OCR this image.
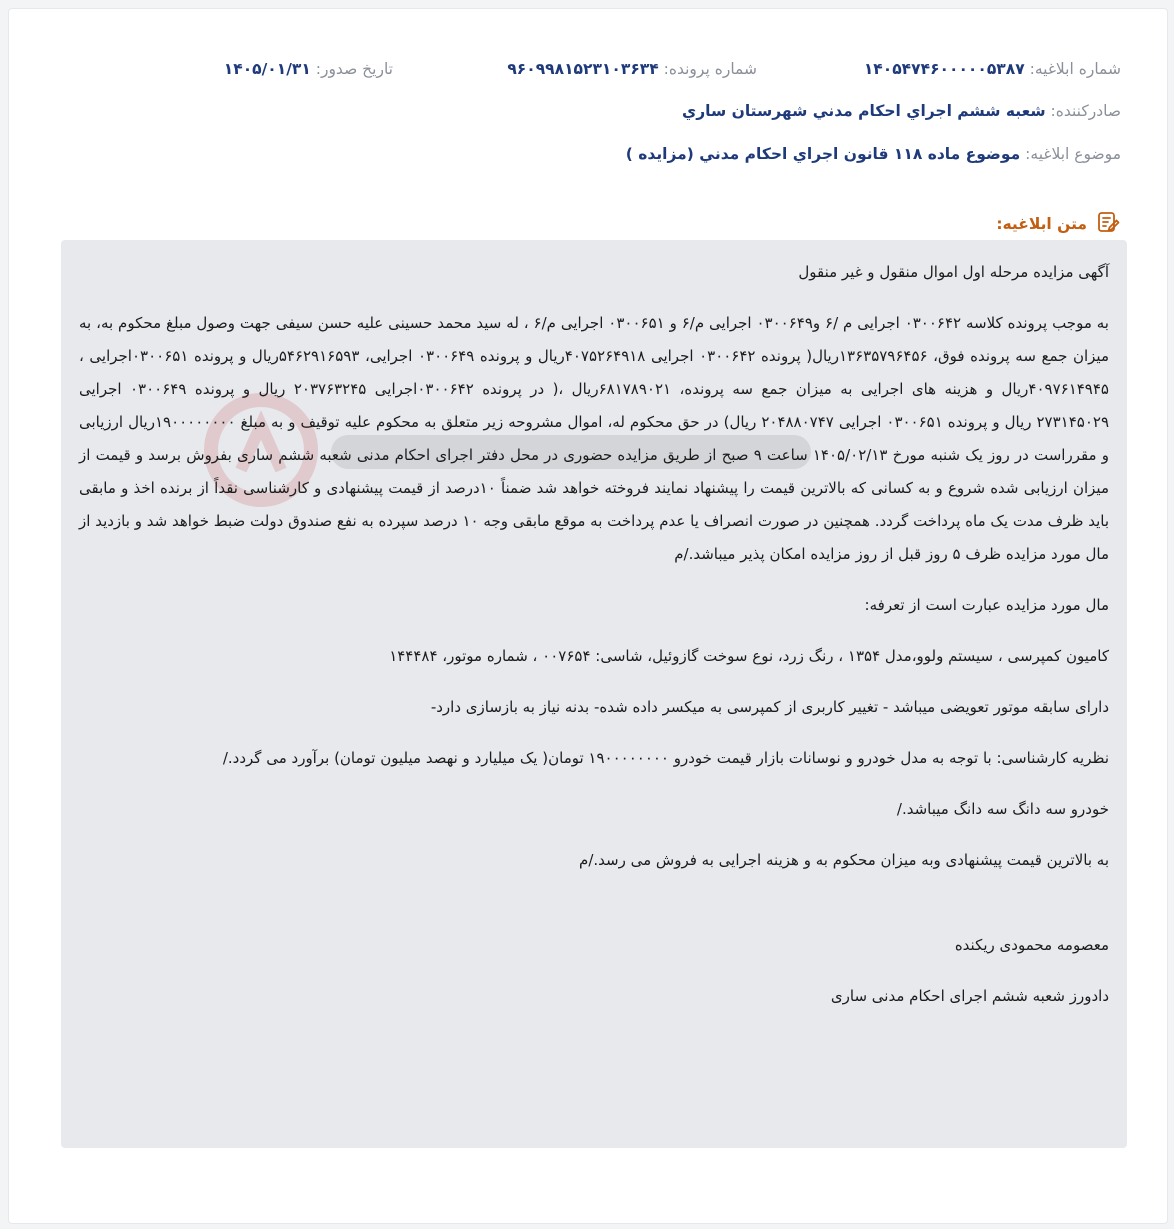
شماره ابلاغیه: ۱۴۰۵۴۷۴۶۰۰۰۰۰۵۳۸۷
شماره پرونده: ۹۶۰۹۹۸۱۵۲۳۱۰۳۶۳۴
تاریخ صدور: ۱۴۰۵/۰۱/۳۱
صادرکننده: شعبه ششم اجراي احكام مدني شهرستان ساري
موضوع ابلاغیه: موضوع ماده ۱۱۸ قانون اجراي احكام مدني (مزايده )
متن ابلاغیه:

آگهی مزایده مرحله اول اموال منقول و غیر منقول

به موجب پرونده کلاسه ۰۳۰۰۶۴۲ اجرایی م /۶ و۰۳۰۰۶۴۹ اجرایی م/۶ و ۰۳۰۰۶۵۱ اجرایی م/۶ ، له سید محمد حسینی علیه حسن سیفی جهت وصول مبلغ محکوم به، به میزان جمع سه پرونده فوق، ۱۳۶۳۵۷۹۶۴۵۶ریال( پرونده ۰۳۰۰۶۴۲ اجرایی ۴۰۷۵۲۶۴۹۱۸ریال و پرونده ۰۳۰۰۶۴۹ اجرایی، ۵۴۶۲۹۱۶۵۹۳ریال و پرونده ۰۳۰۰۶۵۱اجرایی ، ۴۰۹۷۶۱۴۹۴۵ریال و هزینه های اجرایی به میزان جمع سه پرونده، ۶۸۱۷۸۹۰۲۱ریال ،( در پرونده ۰۳۰۰۶۴۲اجرایی ۲۰۳۷۶۳۲۴۵ ریال و پرونده ۰۳۰۰۶۴۹ اجرایی ۲۷۳۱۴۵۰۲۹ ریال و پرونده ۰۳۰۰۶۵۱ اجرایی ۲۰۴۸۸۰۷۴۷ ریال) در حق محکوم له، اموال مشروحه زیر متعلق به محکوم علیه توقیف و به مبلغ ۱۹۰۰۰۰۰۰۰۰ریال ارزیابی و مقرراست در روز یک شنبه مورخ ۱۴۰۵/۰۲/۱۳ ساعت ۹ صبح از طریق مزایده حضوری در محل دفتر اجرای احکام مدنی شعبه ششم ساری بفروش برسد و قیمت از میزان ارزیابی شده شروع و به کسانی که بالاترین قیمت را پیشنهاد نمایند فروخته خواهد شد ضمناً ۱۰درصد از قیمت پیشنهادی و کارشناسی نقداً از برنده اخذ و مابقی باید ظرف مدت یک ماه پرداخت گردد. همچنین در صورت انصراف یا عدم پرداخت به موقع مابقی وجه ۱۰ درصد سپرده به نفع صندوق دولت ضبط خواهد شد و بازدید از مال مورد مزایده ظرف ۵ روز قبل از روز مزایده امکان پذیر میباشد./م

مال مورد مزایده عبارت است از تعرفه:

کامیون کمپرسی ، سیستم ولوو،مدل ۱۳۵۴ ، رنگ زرد، نوع سوخت گازوئیل، شاسی: ۰۰۷۶۵۴ ، شماره موتور، ۱۴۴۴۸۴

دارای سابقه موتور تعویضی میباشد - تغییر کاربری از کمپرسی به میکسر داده شده- بدنه نیاز به بازسازی دارد-

نظریه کارشناسی: با توجه به مدل خودرو و نوسانات بازار قیمت خودرو ۱۹۰۰۰۰۰۰۰۰ تومان( یک میلیارد و نهصد میلیون تومان) برآورد می گردد./

خودرو سه دانگ سه دانگ میباشد./

به بالاترین قیمت پیشنهادی وبه میزان محکوم به و هزینه اجرایی به فروش می رسد./م

معصومه محمودی ریکنده

دادورز شعبه ششم اجرای احکام مدنی ساری
